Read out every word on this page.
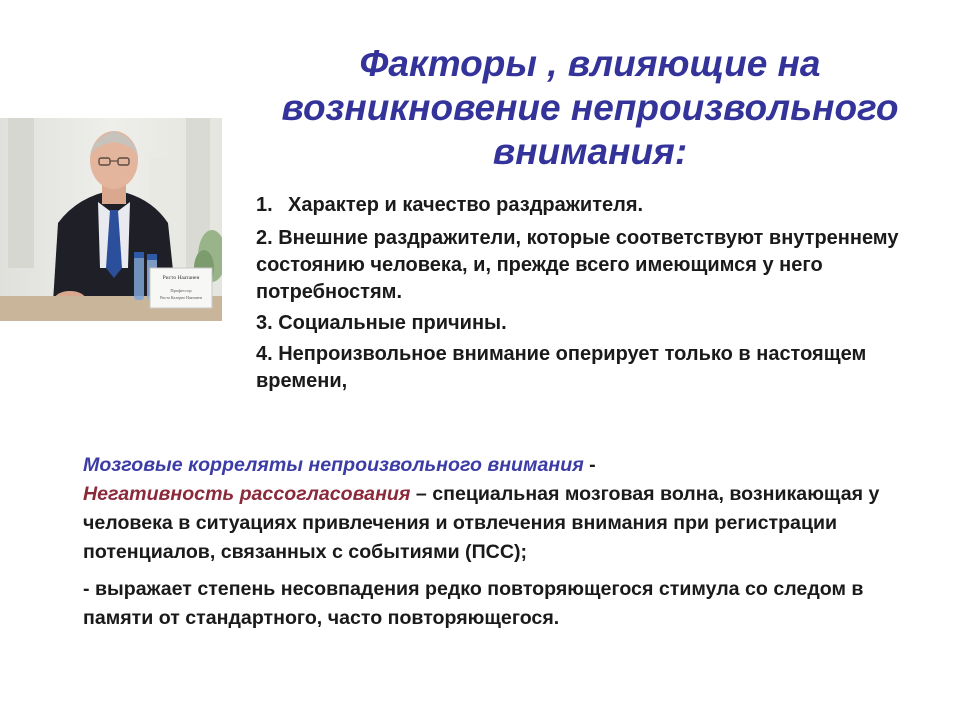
Факторы , влияющие на
возникновение непроизвольного
внимания:
Ристо Наатанен
Профессор
Ристо Калерво Наатанен
1. Характер и качество раздражителя.
2. Внешние раздражители, которые соответствуют внутреннему состоянию человека, и, прежде всего имеющимся у него потребностям.
3. Социальные причины.
4. Непроизвольное внимание оперирует только в настоящем времени,
Мозговые корреляты непроизвольного внимания -
Негативность рассогласования – специальная мозговая волна, возникающая у человека в ситуациях привлечения и отвлечения внимания при регистрации потенциалов, связанных с событиями (ПСС);
- выражает степень несовпадения редко повторяющегося стимула со следом в памяти от стандартного, часто повторяющегося.
